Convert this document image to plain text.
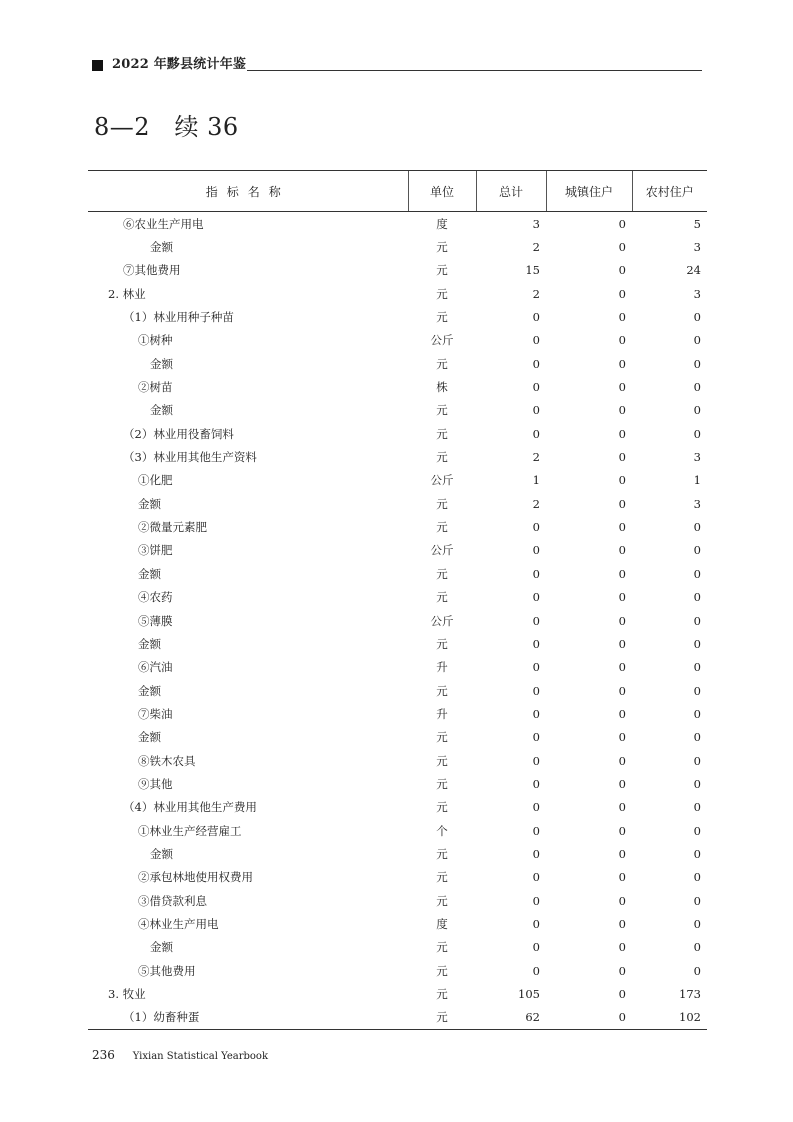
2022 年黟县统计年鉴
8—2　续 36
指标名称	单位	总计	城镇住户	农村住户
⑥农业生产用电	度	3	0	5
金额	元	2	0	3
⑦其他费用	元	15	0	24
2. 林业	元	2	0	3
（1）林业用种子种苗	元	0	0	0
①树种	公斤	0	0	0
金额	元	0	0	0
②树苗	株	0	0	0
金额	元	0	0	0
（2）林业用役畜饲料	元	0	0	0
（3）林业用其他生产资料	元	2	0	3
①化肥	公斤	1	0	1
金额	元	2	0	3
②微量元素肥	元	0	0	0
③饼肥	公斤	0	0	0
金额	元	0	0	0
④农药	元	0	0	0
⑤薄膜	公斤	0	0	0
金额	元	0	0	0
⑥汽油	升	0	0	0
金额	元	0	0	0
⑦柴油	升	0	0	0
金额	元	0	0	0
⑧铁木农具	元	0	0	0
⑨其他	元	0	0	0
（4）林业用其他生产费用	元	0	0	0
①林业生产经营雇工	个	0	0	0
金额	元	0	0	0
②承包林地使用权费用	元	0	0	0
③借贷款利息	元	0	0	0
④林业生产用电	度	0	0	0
金额	元	0	0	0
⑤其他费用	元	0	0	0
3. 牧业	元	105	0	173
（1）幼畜种蛋	元	62	0	102
236 Yixian Statistical Yearbook
